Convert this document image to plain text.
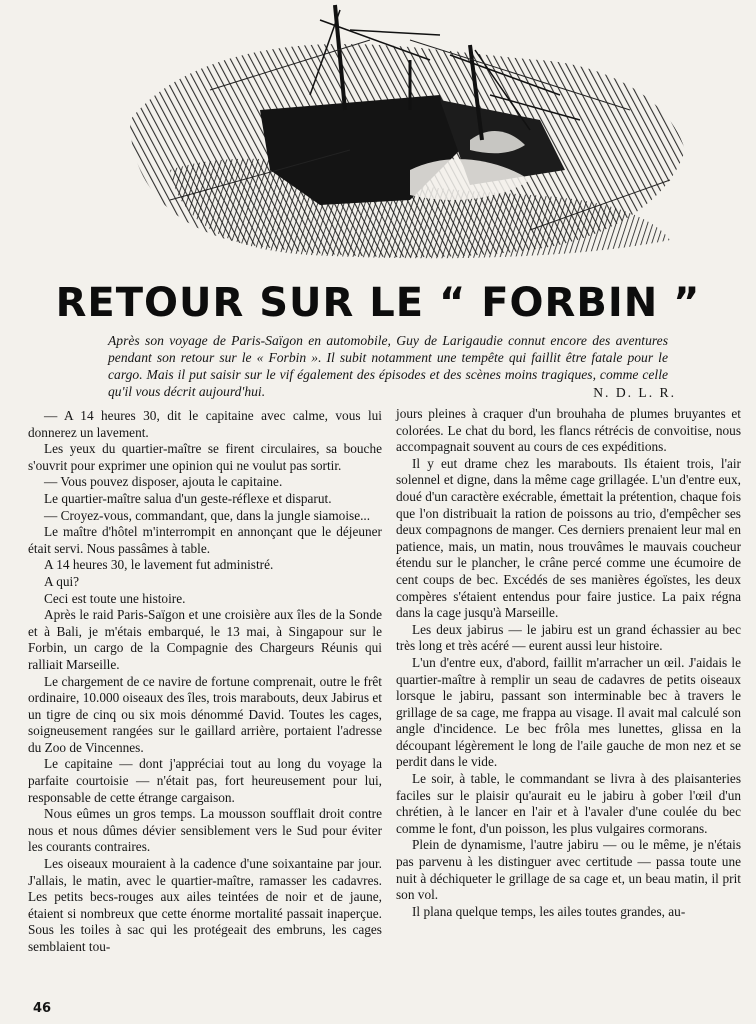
RETOUR SUR LE “ FORBIN ”
Après son voyage de Paris-Saïgon en automobile, Guy de Larigaudie connut encore des aventures pendant son retour sur le « Forbin ». Il subit notamment une tempête qui faillit être fatale pour le cargo. Mais il put saisir sur le vif également des épisodes et des scènes moins tragiques, comme celle qu'il vous décrit aujourd'hui.	N. D. L. R.

— A 14 heures 30, dit le capitaine avec calme, vous lui donnerez un lavement.

Les yeux du quartier-maître se firent circulaires, sa bouche s'ouvrit pour exprimer une opinion qui ne voulut pas sortir.

— Vous pouvez disposer, ajouta le capitaine.

Le quartier-maître salua d'un geste-réflexe et disparut.

— Croyez-vous, commandant, que, dans la jungle siamoise...

Le maître d'hôtel m'interrompit en annonçant que le déjeuner était servi. Nous passâmes à table.

A 14 heures 30, le lavement fut administré.

A qui?

Ceci est toute une histoire.

Après le raid Paris-Saïgon et une croisière aux îles de la Sonde et à Bali, je m'étais embarqué, le 13 mai, à Singapour sur le Forbin, un cargo de la Compagnie des Chargeurs Réunis qui ralliait Marseille.

Le chargement de ce navire de fortune comprenait, outre le frêt ordinaire, 10.000 oiseaux des îles, trois marabouts, deux Jabirus et un tigre de cinq ou six mois dénommé David. Toutes les cages, soigneusement rangées sur le gaillard arrière, portaient l'adresse du Zoo de Vincennes.

Le capitaine — dont j'appréciai tout au long du voyage la parfaite courtoisie — n'était pas, fort heureusement pour lui, responsable de cette étrange cargaison.

Nous eûmes un gros temps. La mousson soufflait droit contre nous et nous dûmes dévier sensiblement vers le Sud pour éviter les courants contraires.

Les oiseaux mouraient à la cadence d'une soixantaine par jour. J'allais, le matin, avec le quartier-maître, ramasser les cadavres. Les petits becs-rouges aux ailes teintées de noir et de jaune, étaient si nombreux que cette énorme mortalité passait inaperçue. Sous les toiles à sac qui les protégeait des embruns, les cages semblaient tou-

jours pleines à craquer d'un brouhaha de plumes bruyantes et colorées. Le chat du bord, les flancs rétrécis de convoitise, nous accompagnait souvent au cours de ces expéditions.

Il y eut drame chez les marabouts. Ils étaient trois, l'air solennel et digne, dans la même cage grillagée. L'un d'entre eux, doué d'un caractère exécrable, émettait la prétention, chaque fois que l'on distribuait la ration de poissons au trio, d'empêcher ses deux compagnons de manger. Ces derniers prenaient leur mal en patience, mais, un matin, nous trouvâmes le mauvais coucheur étendu sur le plancher, le crâne percé comme une écumoire de cent coups de bec. Excédés de ses manières égoïstes, les deux compères s'étaient entendus pour faire justice. La paix régna dans la cage jusqu'à Marseille.

Les deux jabirus — le jabiru est un grand échassier au bec très long et très acéré — eurent aussi leur histoire.

L'un d'entre eux, d'abord, faillit m'arracher un œil. J'aidais le quartier-maître à remplir un seau de cadavres de petits oiseaux lorsque le jabiru, passant son interminable bec à travers le grillage de sa cage, me frappa au visage. Il avait mal calculé son angle d'incidence. Le bec frôla mes lunettes, glissa en la découpant légèrement le long de l'aile gauche de mon nez et se perdit dans le vide.

Le soir, à table, le commandant se livra à des plaisanteries faciles sur le plaisir qu'aurait eu le jabiru à gober l'œil d'un chrétien, à le lancer en l'air et à l'avaler d'une coulée du bec comme le font, d'un poisson, les plus vulgaires cormorans.

Plein de dynamisme, l'autre jabiru — ou le même, je n'étais pas parvenu à les distinguer avec certitude — passa toute une nuit à déchiqueter le grillage de sa cage et, un beau matin, il prit son vol.

Il plana quelque temps, les ailes toutes grandes, au-

46
